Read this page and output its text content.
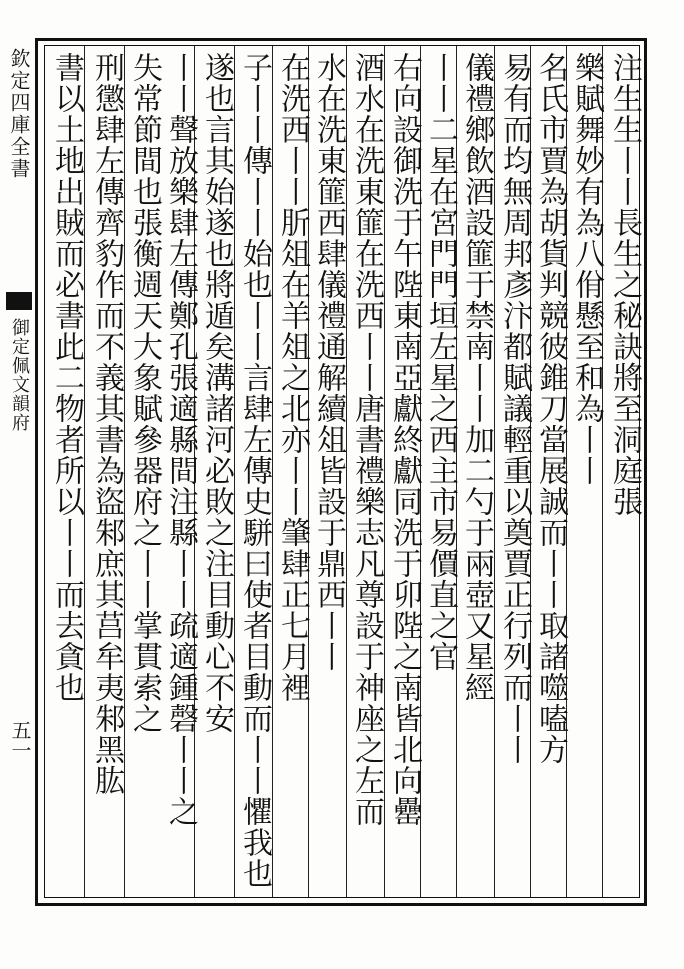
欽定四庫全書
御定佩文韻府
五一
注生生丨丨長生之秘訣將至洞庭張
樂賦舞妙有為八佾懸至和為丨丨
名氏市賈為胡貨判競彼錐刀當展誠而丨丨取諸噬嗑方
易有而均無周邦彥汴都賦議輕重以奠賈正行列而丨丨
儀禮鄉飲酒設篚于禁南丨丨加二勺于兩壺又星經
丨丨二星在宮門門垣左星之西主市易價直之官
右向設御洗于午陛東南亞獻終獻同洗于卯陛之南皆北向罍
酒水在洗東篚在洗西丨丨唐書禮樂志凡尊設于神座之左而
水在洗東篚西肆儀禮通解續俎皆設于鼎西丨丨
在洗西丨丨肵俎在羊俎之北亦丨丨肇肆正七月裡
子丨丨傳丨丨始也丨丨言肆左傳史駢曰使者目動而丨丨懼我也
遂也言其始遂也將遁矣溝諸河必敗之注目動心不安
丨丨聲放樂肆左傳鄭孔張適縣間注縣丨丨疏適鍾磬丨丨之
失常節間也張衡週天大象賦參器府之丨丨掌貫索之
刑懲肆左傳齊豹作而不義其書為盜邾庶其莒牟夷邾黑肱
書以土地出賊而必書此二物者所以丨丨而去貪也
